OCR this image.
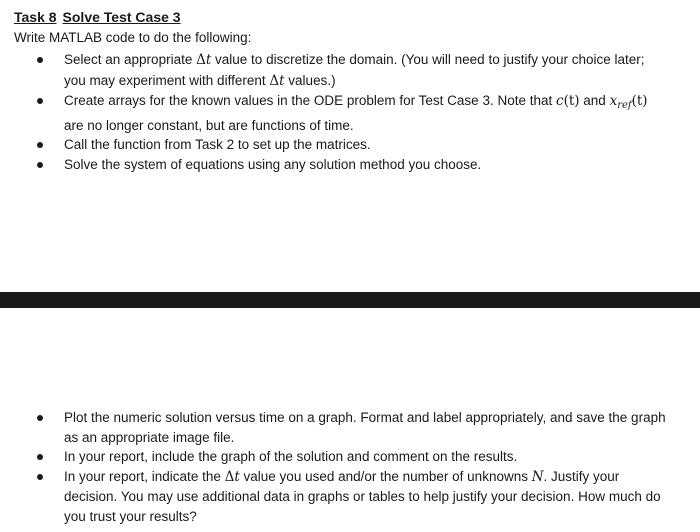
Task 8 Solve Test Case 3
Write MATLAB code to do the following:
Select an appropriate Δt value to discretize the domain. (You will need to justify your choice later; you may experiment with different Δt values.)
Create arrays for the known values in the ODE problem for Test Case 3. Note that c(t) and $x_{ref}(t)$ are no longer constant, but are functions of time.
Call the function from Task 2 to set up the matrices.
Solve the system of equations using any solution method you choose.
Plot the numeric solution versus time on a graph. Format and label appropriately, and save the graph as an appropriate image file.
In your report, include the graph of the solution and comment on the results.
In your report, indicate the Δt value you used and/or the number of unknowns N. Justify your decision. You may use additional data in graphs or tables to help justify your decision. How much do you trust your results?
